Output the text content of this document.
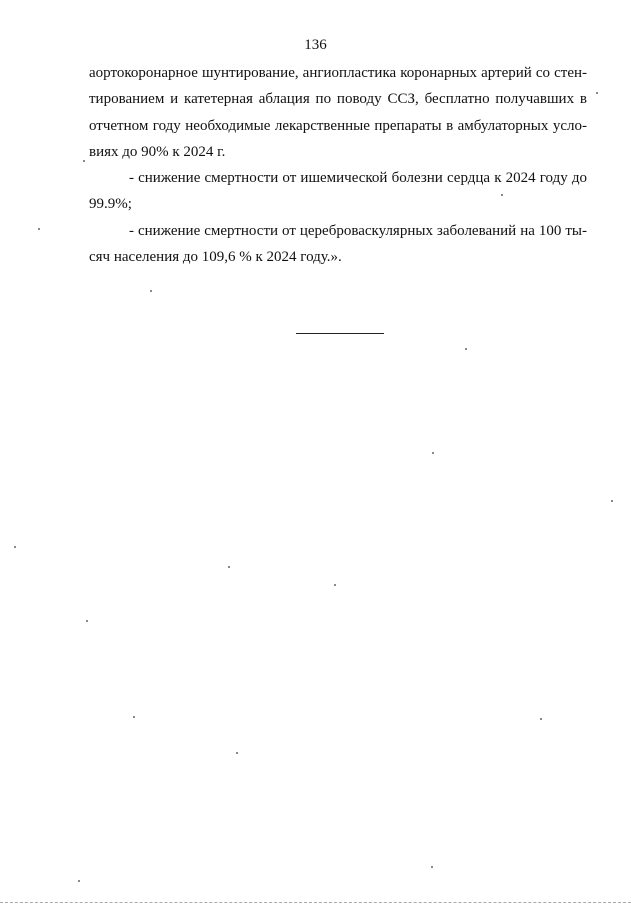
136

аортокоронарное шунтирование, ангиопластика коронарных артерий со стен-
тированием и катетерная аблация по поводу ССЗ, бесплатно получавших в
отчетном году необходимые лекарственные препараты в амбулаторных усло-
виях до 90% к 2024 г.

- снижение смертности от ишемической болезни сердца к 2024 году до
99.9%;

- снижение смертности от цереброваскулярных заболеваний на 100 ты-
сяч населения до 109,6 % к 2024 году.».
